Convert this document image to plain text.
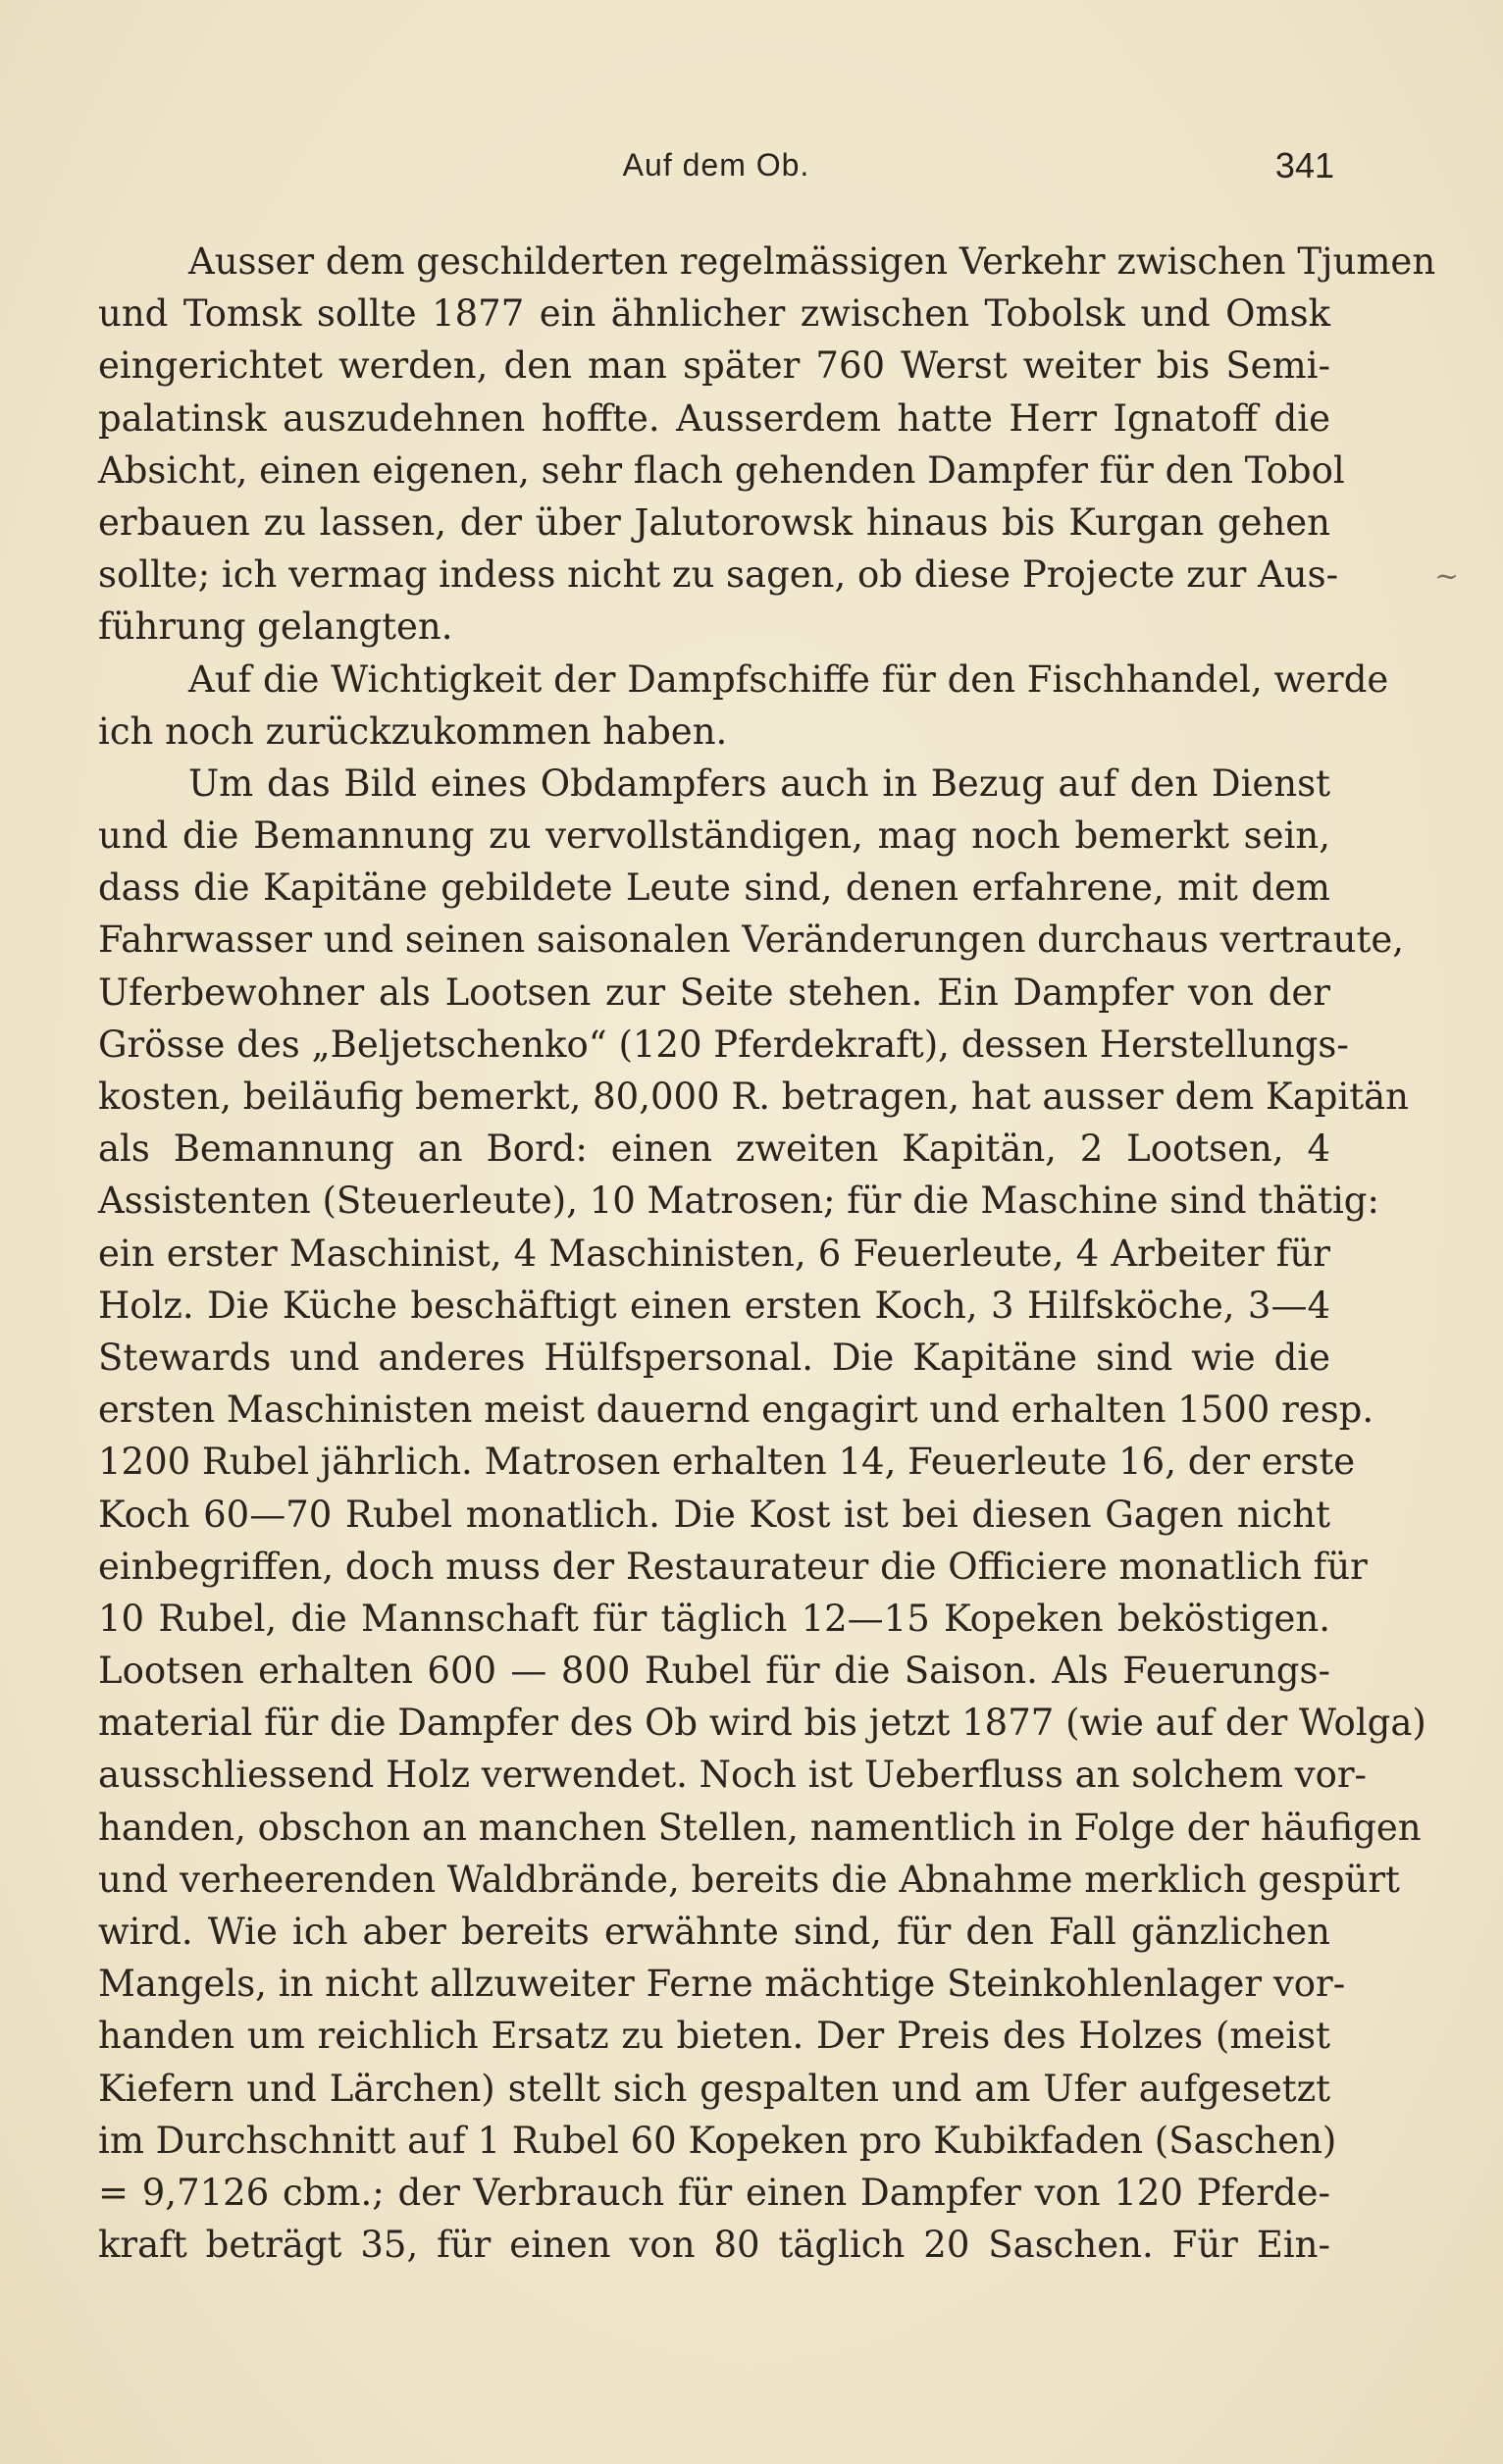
Auf dem Ob.	341
~
Ausser dem geschilderten regelmässigen Verkehr zwischen Tjumen
und Tomsk sollte 1877 ein ähnlicher zwischen Tobolsk und Omsk
eingerichtet werden, den man später 760 Werst weiter bis Semi-
palatinsk auszudehnen hoffte. Ausserdem hatte Herr Ignatoff die
Absicht, einen eigenen, sehr flach gehenden Dampfer für den Tobol
erbauen zu lassen, der über Jalutorowsk hinaus bis Kurgan gehen
sollte; ich vermag indess nicht zu sagen, ob diese Projecte zur Aus-
führung gelangten.
Auf die Wichtigkeit der Dampfschiffe für den Fischhandel, werde
ich noch zurückzukommen haben.
Um das Bild eines Obdampfers auch in Bezug auf den Dienst
und die Bemannung zu vervollständigen, mag noch bemerkt sein,
dass die Kapitäne gebildete Leute sind, denen erfahrene, mit dem
Fahrwasser und seinen saisonalen Veränderungen durchaus vertraute,
Uferbewohner als Lootsen zur Seite stehen. Ein Dampfer von der
Grösse des „Beljetschenko“ (120 Pferdekraft), dessen Herstellungs-
kosten, beiläufig bemerkt, 80,000 R. betragen, hat ausser dem Kapitän
als Bemannung an Bord: einen zweiten Kapitän, 2 Lootsen, 4
Assistenten (Steuerleute), 10 Matrosen; für die Maschine sind thätig:
ein erster Maschinist, 4 Maschinisten, 6 Feuerleute, 4 Arbeiter für
Holz. Die Küche beschäftigt einen ersten Koch, 3 Hilfsköche, 3—4
Stewards und anderes Hülfspersonal. Die Kapitäne sind wie die
ersten Maschinisten meist dauernd engagirt und erhalten 1500 resp.
1200 Rubel jährlich. Matrosen erhalten 14, Feuerleute 16, der erste
Koch 60—70 Rubel monatlich. Die Kost ist bei diesen Gagen nicht
einbegriffen, doch muss der Restaurateur die Officiere monatlich für
10 Rubel, die Mannschaft für täglich 12—15 Kopeken beköstigen.
Lootsen erhalten 600 — 800 Rubel für die Saison. Als Feuerungs-
material für die Dampfer des Ob wird bis jetzt 1877 (wie auf der Wolga)
ausschliessend Holz verwendet. Noch ist Ueberfluss an solchem vor-
handen, obschon an manchen Stellen, namentlich in Folge der häufigen
und verheerenden Waldbrände, bereits die Abnahme merklich gespürt
wird. Wie ich aber bereits erwähnte sind, für den Fall gänzlichen
Mangels, in nicht allzuweiter Ferne mächtige Steinkohlenlager vor-
handen um reichlich Ersatz zu bieten. Der Preis des Holzes (meist
Kiefern und Lärchen) stellt sich gespalten und am Ufer aufgesetzt
im Durchschnitt auf 1 Rubel 60 Kopeken pro Kubikfaden (Saschen)
= 9,7126 cbm.; der Verbrauch für einen Dampfer von 120 Pferde-
kraft beträgt 35, für einen von 80 täglich 20 Saschen. Für Ein-
